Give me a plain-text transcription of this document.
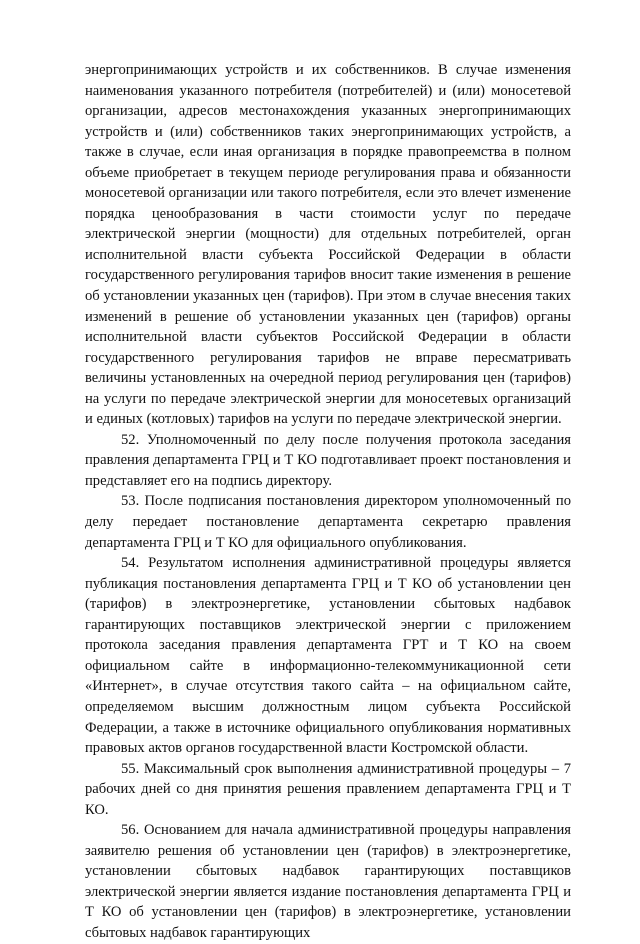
энергопринимающих устройств и их собственников. В случае изменения наименования указанного потребителя (потребителей) и (или) моносетевой организации, адресов местонахождения указанных энергопринимающих устройств и (или) собственников таких энергопринимающих устройств, а также в случае, если иная организация в порядке правопреемства в полном объеме приобретает в текущем периоде регулирования права и обязанности моносетевой организации или такого потребителя, если это влечет изменение порядка ценообразования в части стоимости услуг по передаче электрической энергии (мощности) для отдельных потребителей, орган исполнительной власти субъекта Российской Федерации в области государственного регулирования тарифов вносит такие изменения в решение об установлении указанных цен (тарифов). При этом в случае внесения таких изменений в решение об установлении указанных цен (тарифов) органы исполнительной власти субъектов Российской Федерации в области государственного регулирования тарифов не вправе пересматривать величины установленных на очередной период регулирования цен (тарифов) на услуги по передаче электрической энергии для моносетевых организаций и единых (котловых) тарифов на услуги по передаче электрической энергии.

52. Уполномоченный по делу после получения протокола заседания правления департамента ГРЦ и Т КО подготавливает проект постановления и представляет его на подпись директору.

53. После подписания постановления директором уполномоченный по делу передает постановление департамента секретарю правления департамента ГРЦ и Т КО для официального опубликования.

54. Результатом исполнения административной процедуры является публикация постановления департамента ГРЦ и Т КО об установлении цен (тарифов) в электроэнергетике, установлении сбытовых надбавок гарантирующих поставщиков электрической энергии с приложением протокола заседания правления департамента ГРТ и Т КО на своем официальном сайте в информационно-телекоммуникационной сети «Интернет», в случае отсутствия такого сайта – на официальном сайте, определяемом высшим должностным лицом субъекта Российской Федерации, а также в источнике официального опубликования нормативных правовых актов органов государственной власти Костромской области.

55. Максимальный срок выполнения административной процедуры – 7 рабочих дней со дня принятия решения правлением департамента ГРЦ и Т КО.

56. Основанием для начала административной процедуры направления заявителю решения об установлении цен (тарифов) в электроэнергетике, установлении сбытовых надбавок гарантирующих поставщиков электрической энергии является издание постановления департамента ГРЦ и Т КО об установлении цен (тарифов) в электроэнергетике, установлении сбытовых надбавок гарантирующих
